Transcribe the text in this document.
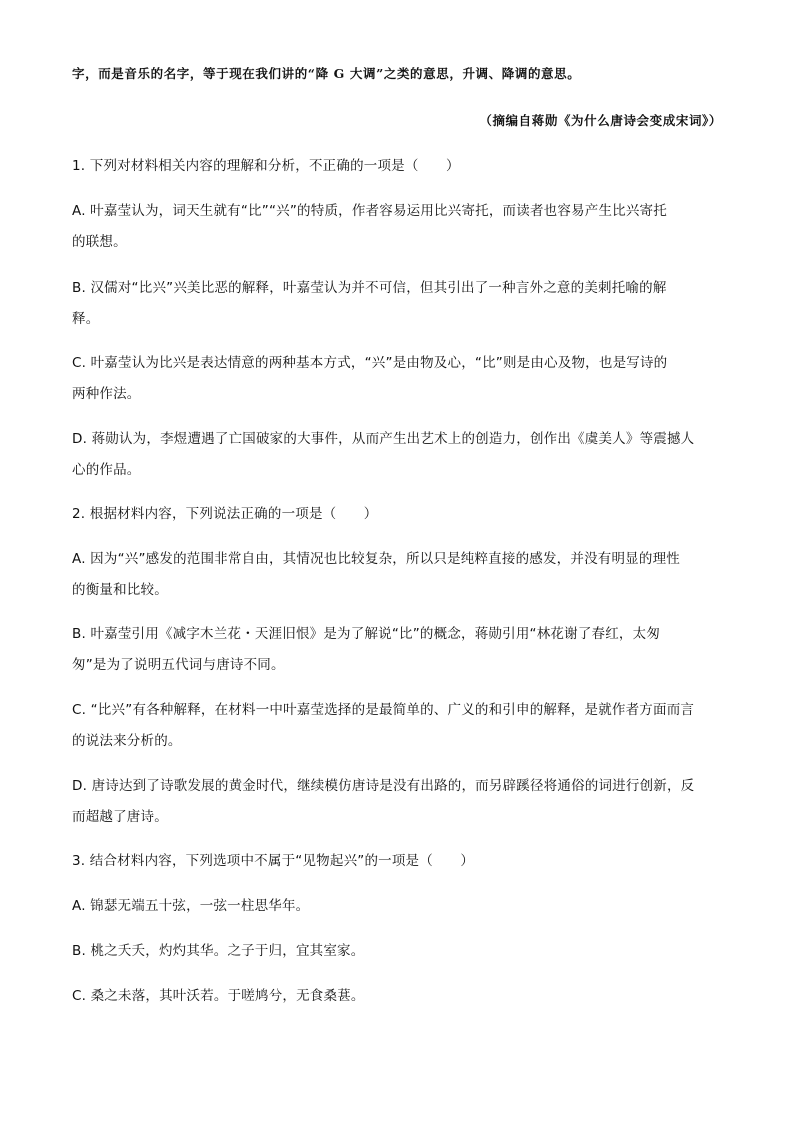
字，而是音乐的名字，等于现在我们讲的“降 G 大调”之类的意思，升调、降调的意思。
（摘编自蒋勋《为什么唐诗会变成宋词》）
1. 下列对材料相关内容的理解和分析，不正确的一项是（　　）
A. 叶嘉莹认为，词天生就有“比”“兴”的特质，作者容易运用比兴寄托，而读者也容易产生比兴寄托
的联想。
B. 汉儒对“比兴”兴美比恶的解释，叶嘉莹认为并不可信，但其引出了一种言外之意的美刺托喻的解
释。
C. 叶嘉莹认为比兴是表达情意的两种基本方式，“兴”是由物及心，“比”则是由心及物，也是写诗的
两种作法。
D. 蒋勋认为，李煜遭遇了亡国破家的大事件，从而产生出艺术上的创造力，创作出《虞美人》等震撼人
心的作品。
2. 根据材料内容，下列说法正确的一项是（　　）
A. 因为“兴”感发的范围非常自由，其情况也比较复杂，所以只是纯粹直接的感发，并没有明显的理性
的衡量和比较。
B. 叶嘉莹引用《减字木兰花・天涯旧恨》是为了解说“比”的概念，蒋勋引用“林花谢了春红，太匆
匆”是为了说明五代词与唐诗不同。
C. “比兴”有各种解释，在材料一中叶嘉莹选择的是最简单的、广义的和引申的解释，是就作者方面而言
的说法来分析的。
D. 唐诗达到了诗歌发展的黄金时代，继续模仿唐诗是没有出路的，而另辟蹊径将通俗的词进行创新，反
而超越了唐诗。
3. 结合材料内容，下列选项中不属于“见物起兴”的一项是（　　）
A. 锦瑟无端五十弦，一弦一柱思华年。
B. 桃之夭夭，灼灼其华。之子于归，宜其室家。
C. 桑之未落，其叶沃若。于嗟鸠兮，无食桑葚。
